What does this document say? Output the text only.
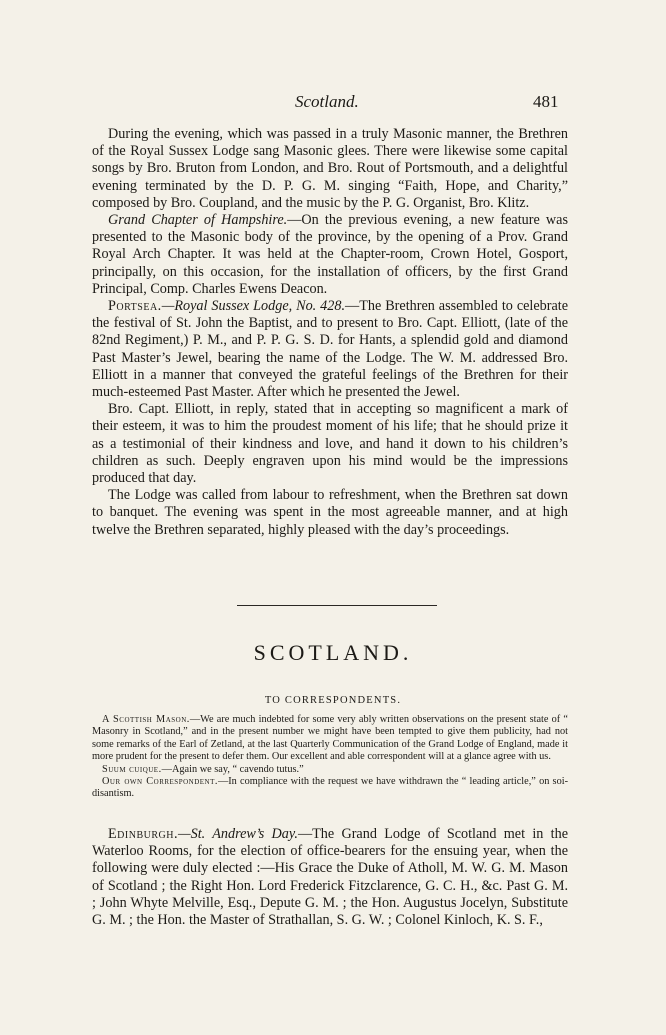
Scotland.	481

During the evening, which was passed in a truly Masonic manner, the Brethren of the Royal Sussex Lodge sang Masonic glees. There were likewise some capital songs by Bro. Bruton from London, and Bro. Rout of Portsmouth, and a delightful evening terminated by the D. P. G. M. singing “Faith, Hope, and Charity,” composed by Bro. Coupland, and the music by the P. G. Organist, Bro. Klitz.

Grand Chapter of Hampshire.—On the previous evening, a new feature was presented to the Masonic body of the province, by the opening of a Prov. Grand Royal Arch Chapter. It was held at the Chapter-room, Crown Hotel, Gosport, principally, on this occasion, for the installation of officers, by the first Grand Principal, Comp. Charles Ewens Deacon.

Portsea.—Royal Sussex Lodge, No. 428.—The Brethren assembled to celebrate the festival of St. John the Baptist, and to present to Bro. Capt. Elliott, (late of the 82nd Regiment,) P. M., and P. P. G. S. D. for Hants, a splendid gold and diamond Past Master’s Jewel, bearing the name of the Lodge. The W. M. addressed Bro. Elliott in a manner that conveyed the grateful feelings of the Brethren for their much-esteemed Past Master. After which he presented the Jewel.

Bro. Capt. Elliott, in reply, stated that in accepting so magnificent a mark of their esteem, it was to him the proudest moment of his life; that he should prize it as a testimonial of their kindness and love, and hand it down to his children’s children as such. Deeply engraven upon his mind would be the impressions produced that day.

The Lodge was called from labour to refreshment, when the Brethren sat down to banquet. The evening was spent in the most agreeable manner, and at high twelve the Brethren separated, highly pleased with the day’s proceedings.

SCOTLAND.
TO CORRESPONDENTS.

A Scottish Mason.—We are much indebted for some very ably written observations on the present state of “ Masonry in Scotland,” and in the present number we might have been tempted to give them publicity, had not some remarks of the Earl of Zetland, at the last Quarterly Communication of the Grand Lodge of England, made it more prudent for the present to defer them. Our excellent and able correspondent will at a glance agree with us.

Suum cuique.—Again we say, “ cavendo tutus.”

Our own Correspondent.—In compliance with the request we have withdrawn the “ leading article,” on soi-disantism.

Edinburgh.—St. Andrew’s Day.—The Grand Lodge of Scotland met in the Waterloo Rooms, for the election of office-bearers for the ensuing year, when the following were duly elected :—His Grace the Duke of Atholl, M. W. G. M. Mason of Scotland ; the Right Hon. Lord Frederick Fitzclarence, G. C. H., &c. Past G. M. ; John Whyte Melville, Esq., Depute G. M. ; the Hon. Augustus Jocelyn, Substitute G. M. ; the Hon. the Master of Strathallan, S. G. W. ; Colonel Kinloch, K. S. F.,
